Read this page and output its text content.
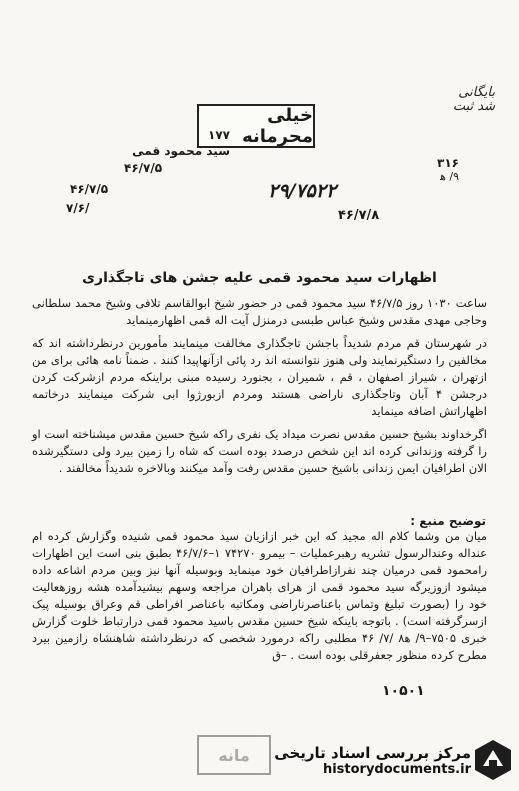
بایگانی
شد ثبت
خیلی محرمانه
۱۷۷
سید محمود قمی
۴۶/۷/۵
۴۶/۷/۵
/۷/۶
۳۱۶
۹/ ه‍
۲۹/۷۵۲۲
۴۶/۷/۸
اظهارات سید محمود قمی علیه جشن های تاجگذاری

ساعت ۱۰۳۰ روز ۴۶/۷/۵ سید محمود قمی در حضور شیخ ابوالقاسم تلافی وشیخ محمد سلطانی وحاجی مهدی مقدس وشیخ عباس طبسی درمنزل آیت اله قمی اظهارمینماید

در شهرستان قم مردم شدیداً باجشن تاجگذاری مخالفت مینمایند مأمورین درنظرداشته اند که مخالفین را دستگیرنمایند ولی هنوز نتوانسته اند رد پائی ازآنهاپیدا کنند . ضمناً نامه هائی برای من ازتهران ، شیراز اصفهان ، قم ، شمیران ، بجنورد رسیده مبنی براینکه مردم ازشرکت کردن درجشن ۴ آبان وتاجگذاری ناراضی هستند ومردم ازبورژوا ابی شرکت مینمایند درخاتمه اظهاراتش اضافه مینماید

اگرخداوند بشیخ حسین مقدس نصرت میداد یک نفری راکه شیخ حسین مقدس میشناخته است او را گرفته وزندانی کرده اند این شخص درصدد بوده است که شاه را زمین بیرد ولی دستگیرشده الان اطرافیان ایمن زندانی باشیخ حسین مقدس رفت وآمد میکنند وبالاخره شدیداً مخالفند .

توضیح منبع :
میان من وشما کلام اله مجید که این خبر ازازیان سید محمود قمی شنیده وگزارش کرده ام عنداله وعندالرسول تشریه رهبرعملیات – بیمرو ۷۴۲۷۰ ۱–۴۶/۷/۶ بطبق بنی است این اظهارات رامحمود قمی درمیان چند نفرازاطرافیان خود مینماید وبوسیله آنها نیز وبین مردم اشاعه داده میشود ازوزیرگه سید محمود قمی از هرای باهران مراجعه وسهم بیشیدآمده هشه روزهعالیت خود را (بصورت تبلیغ وتماس باعناصرناراضی ومکاتبه باعناصر افراطی قم وعراق بوسیله پیک ازسرگرفته است) . باتوجه باینکه شیخ حسین مقدس باسید محمود قمی درارتباط خلوت گزارش خبری ۷۵۰۵–۹/ ه‍۸ /۷/ ۴۶ مطلبی راکه درمورد شخصی که درنظرداشته شاهنشاه رازمین بیرد مطرح کرده منظور جعفرقلی بوده است . –ق
۱۰۵۰۱
مانه	مرکز بررسی اسناد تاریخی
historydocuments.ir
